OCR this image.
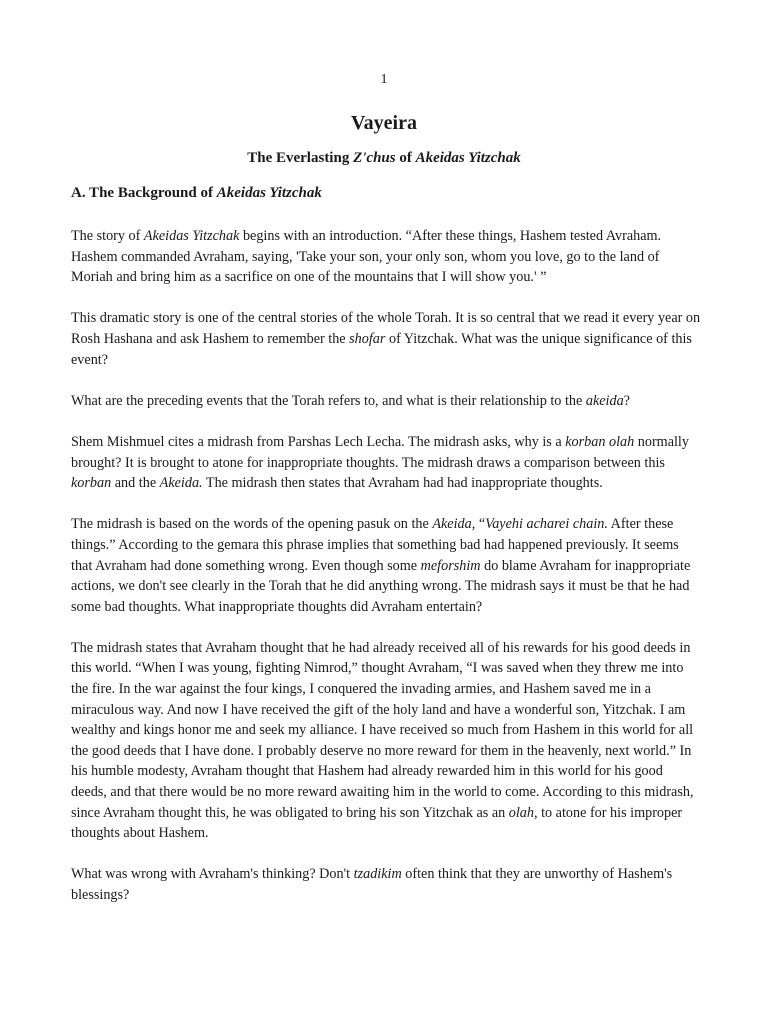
1
Vayeira
The Everlasting Z'chus of Akeidas Yitzchak
A. The Background of Akeidas Yitzchak

The story of Akeidas Yitzchak begins with an introduction. “After these things, Hashem tested Avraham. Hashem commanded Avraham, saying, 'Take your son, your only son, whom you love, go to the land of Moriah and bring him as a sacrifice on one of the mountains that I will show you.' ”

This dramatic story is one of the central stories of the whole Torah. It is so central that we read it every year on Rosh Hashana and ask Hashem to remember the shofar of Yitzchak. What was the unique significance of this event?

What are the preceding events that the Torah refers to, and what is their relationship to the akeida?

Shem Mishmuel cites a midrash from Parshas Lech Lecha. The midrash asks, why is a korban olah normally brought? It is brought to atone for inappropriate thoughts. The midrash draws a comparison between this korban and the Akeida. The midrash then states that Avraham had had inappropriate thoughts.

The midrash is based on the words of the opening pasuk on the Akeida, “Vayehi acharei chain. After these things.” According to the gemara this phrase implies that something bad had happened previously. It seems that Avraham had done something wrong. Even though some meforshim do blame Avraham for inappropriate actions, we don't see clearly in the Torah that he did anything wrong. The midrash says it must be that he had some bad thoughts. What inappropriate thoughts did Avraham entertain?

The midrash states that Avraham thought that he had already received all of his rewards for his good deeds in this world. “When I was young, fighting Nimrod,” thought Avraham, “I was saved when they threw me into the fire. In the war against the four kings, I conquered the invading armies, and Hashem saved me in a miraculous way. And now I have received the gift of the holy land and have a wonderful son, Yitzchak. I am wealthy and kings honor me and seek my alliance. I have received so much from Hashem in this world for all the good deeds that I have done. I probably deserve no more reward for them in the heavenly, next world.” In his humble modesty, Avraham thought that Hashem had already rewarded him in this world for his good deeds, and that there would be no more reward awaiting him in the world to come. According to this midrash, since Avraham thought this, he was obligated to bring his son Yitzchak as an olah, to atone for his improper thoughts about Hashem.

What was wrong with Avraham's thinking? Don't tzadikim often think that they are unworthy of Hashem's blessings?
